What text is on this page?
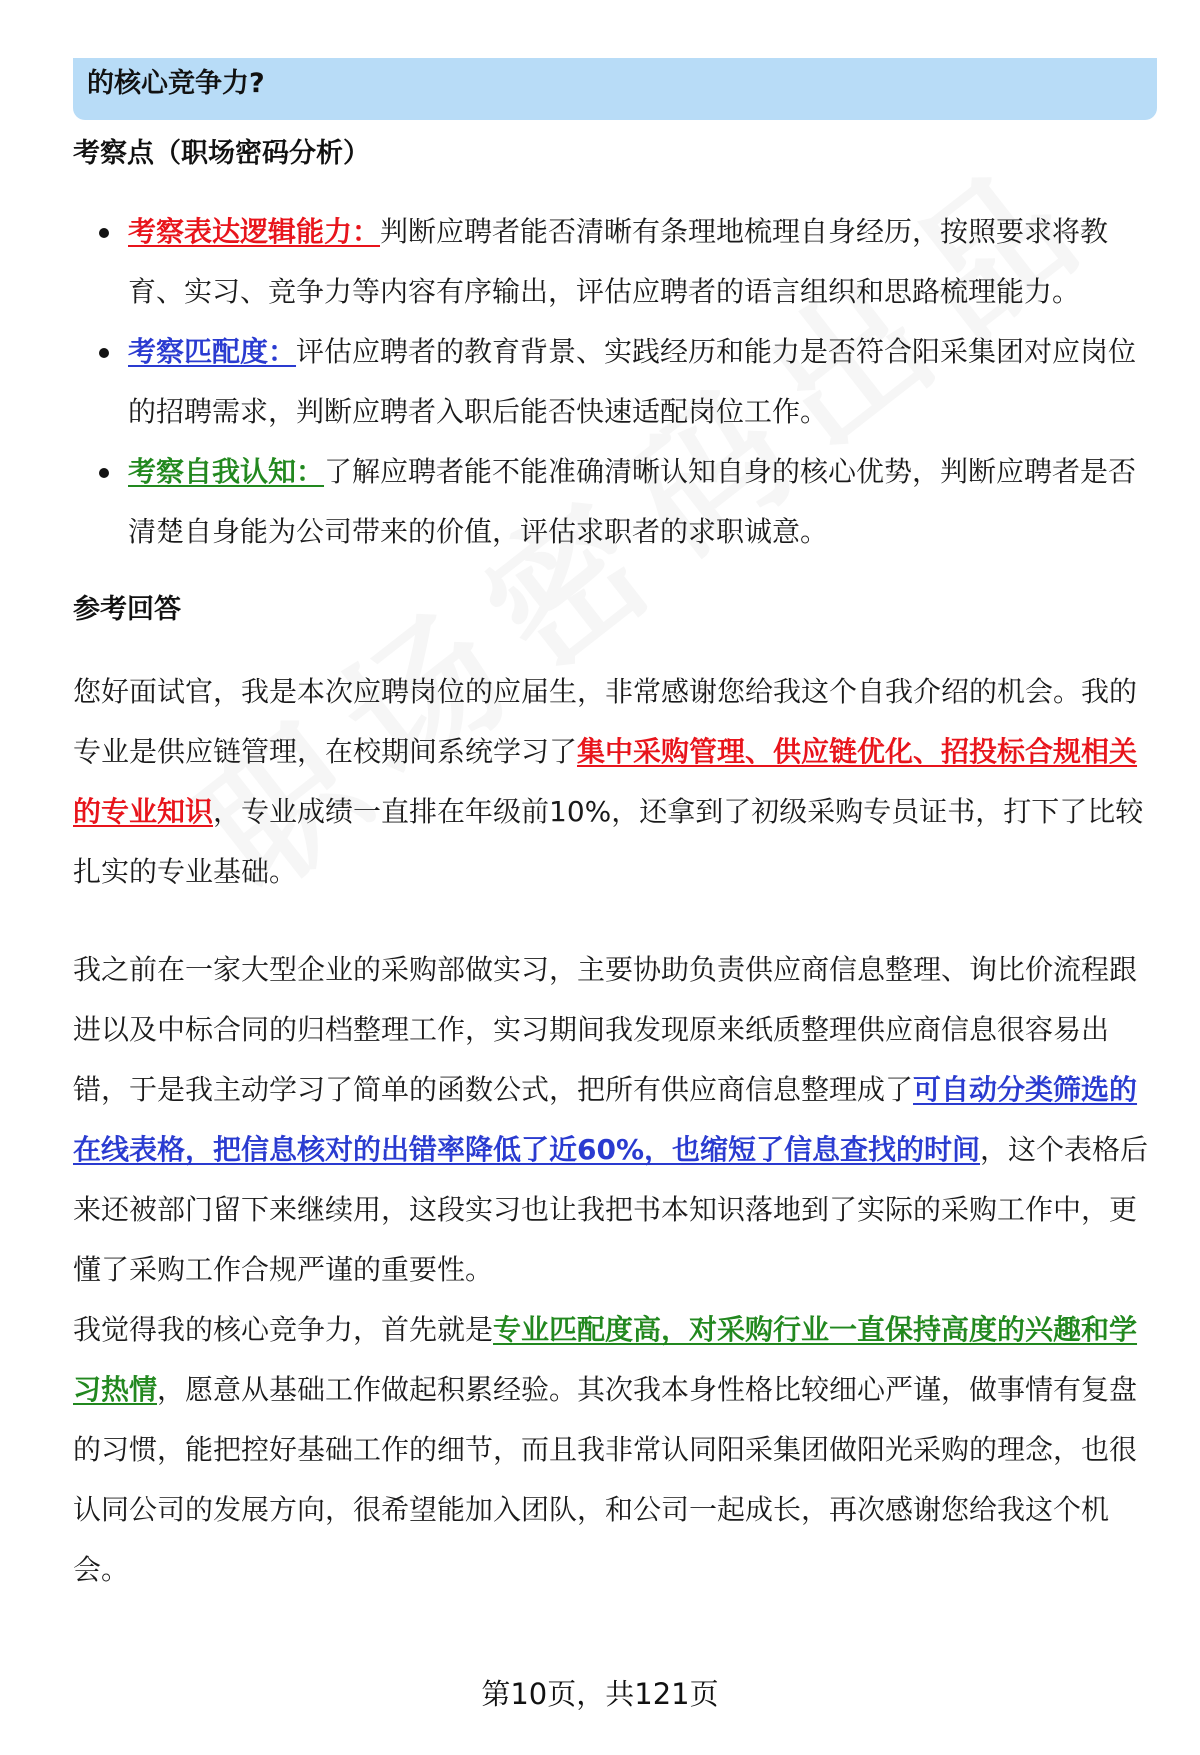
的核心竞争力?
考察点（职场密码分析）
考察表达逻辑能力：判断应聘者能否清晰有条理地梳理自身经历，按照要求将教育、实习、竞争力等内容有序输出，评估应聘者的语言组织和思路梳理能力。
考察匹配度：评估应聘者的教育背景、实践经历和能力是否符合阳采集团对应岗位的招聘需求，判断应聘者入职后能否快速适配岗位工作。
考察自我认知：了解应聘者能不能准确清晰认知自身的核心优势，判断应聘者是否清楚自身能为公司带来的价值，评估求职者的求职诚意。
参考回答

您好面试官，我是本次应聘岗位的应届生，非常感谢您给我这个自我介绍的机会。我的专业是供应链管理，在校期间系统学习了集中采购管理、供应链优化、招投标合规相关的专业知识，专业成绩一直排在年级前10%，还拿到了初级采购专员证书，打下了比较扎实的专业基础。

我之前在一家大型企业的采购部做实习，主要协助负责供应商信息整理、询比价流程跟进以及中标合同的归档整理工作，实习期间我发现原来纸质整理供应商信息很容易出错，于是我主动学习了简单的函数公式，把所有供应商信息整理成了可自动分类筛选的在线表格，把信息核对的出错率降低了近60%，也缩短了信息查找的时间，这个表格后来还被部门留下来继续用，这段实习也让我把书本知识落地到了实际的采购工作中，更懂了采购工作合规严谨的重要性。

我觉得我的核心竞争力，首先就是专业匹配度高，对采购行业一直保持高度的兴趣和学习热情，愿意从基础工作做起积累经验。其次我本身性格比较细心严谨，做事情有复盘的习惯，能把控好基础工作的细节，而且我非常认同阳采集团做阳光采购的理念，也很认同公司的发展方向，很希望能加入团队，和公司一起成长，再次感谢您给我这个机会。

第10页，共121页
